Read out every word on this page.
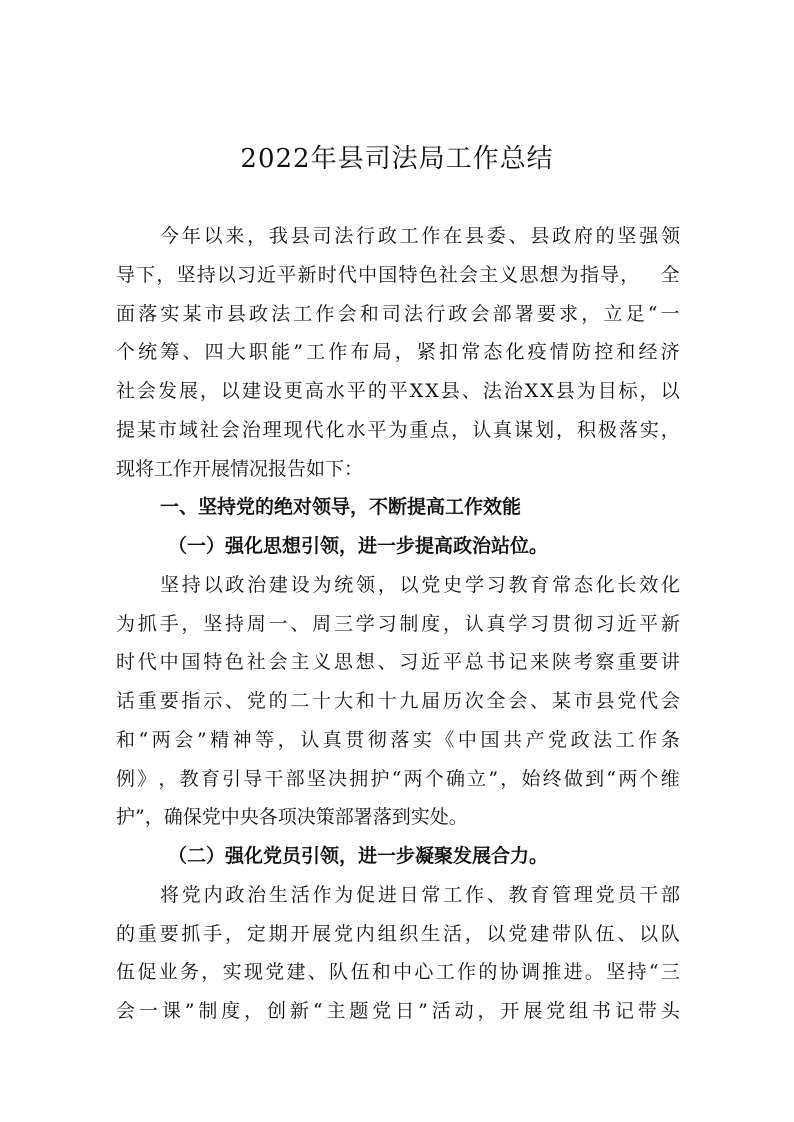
2022年县司法局工作总结
今 年 以 来 ， 我 县 司 法 行 政 工 作 在 县 委 、 县 政 府 的 坚 强 领
导 下 ， 坚 持 以 习 近 平 新 时 代 中 国 特 色 社 会 主 义 思 想 为 指 导 ，
　 全
面 落 实 某 市 县 政 法 工 作 会 和 司 法 行 政 会 部 署 要 求 ， 立 足 “ 一
个 统 筹 、 四 大 职 能 ” 工 作 布 局 ， 紧 扣 常 态 化 疫 情 防 控 和 经 济
社 会 发 展 ， 以 建 设 更 高 水 平 的 平 X X 县 、 法 治 X X 县 为 目 标 ， 以
提 某 市 域 社 会 治 理 现 代 化 水 平 为 重 点 ， 认 真 谋 划 ， 积 极 落 实 ，
现将工作开展情况报告如下：
一、坚持党的绝对领导，不断提高工作效能
（一）强化思想引领，进一步提高政治站位。
坚 持 以 政 治 建 设 为 统 领 ， 以 党 史 学 习 教 育 常 态 化 长 效 化
为 抓 手 ， 坚 持 周 一 、 周 三 学 习 制 度 ， 认 真 学 习 贯 彻 习 近 平 新
时 代 中 国 特 色 社 会 主 义 思 想 、 习 近 平 总 书 记 来 陕 考 察 重 要 讲
话 重 要 指 示 、 党 的 二 十 大 和 十 九 届 历 次 全 会 、 某 市 县 党 代 会
和 “ 两 会 ” 精 神 等 ， 认 真 贯 彻 落 实 《 中 国 共 产 党 政 法 工 作 条
例 》 ， 教 育 引 导 干 部 坚 决 拥 护 “ 两 个 确 立 ” ， 始 终 做 到 “ 两 个 维
护”，确保党中央各项决策部署落到实处。
（二）强化党员引领，进一步凝聚发展合力。
将 党 内 政 治 生 活 作 为 促 进 日 常 工 作 、 教 育 管 理 党 员 干 部
的 重 要 抓 手 ， 定 期 开 展 党 内 组 织 生 活 ， 以 党 建 带 队 伍 、 以 队
伍 促 业 务 ， 实 现 党 建 、 队 伍 和 中 心 工 作 的 协 调 推 进 。 坚 持 “ 三
会 一 课 ” 制 度 ， 创 新 “ 主 题 党 日 ” 活 动 ， 开 展 党 组 书 记 带 头
